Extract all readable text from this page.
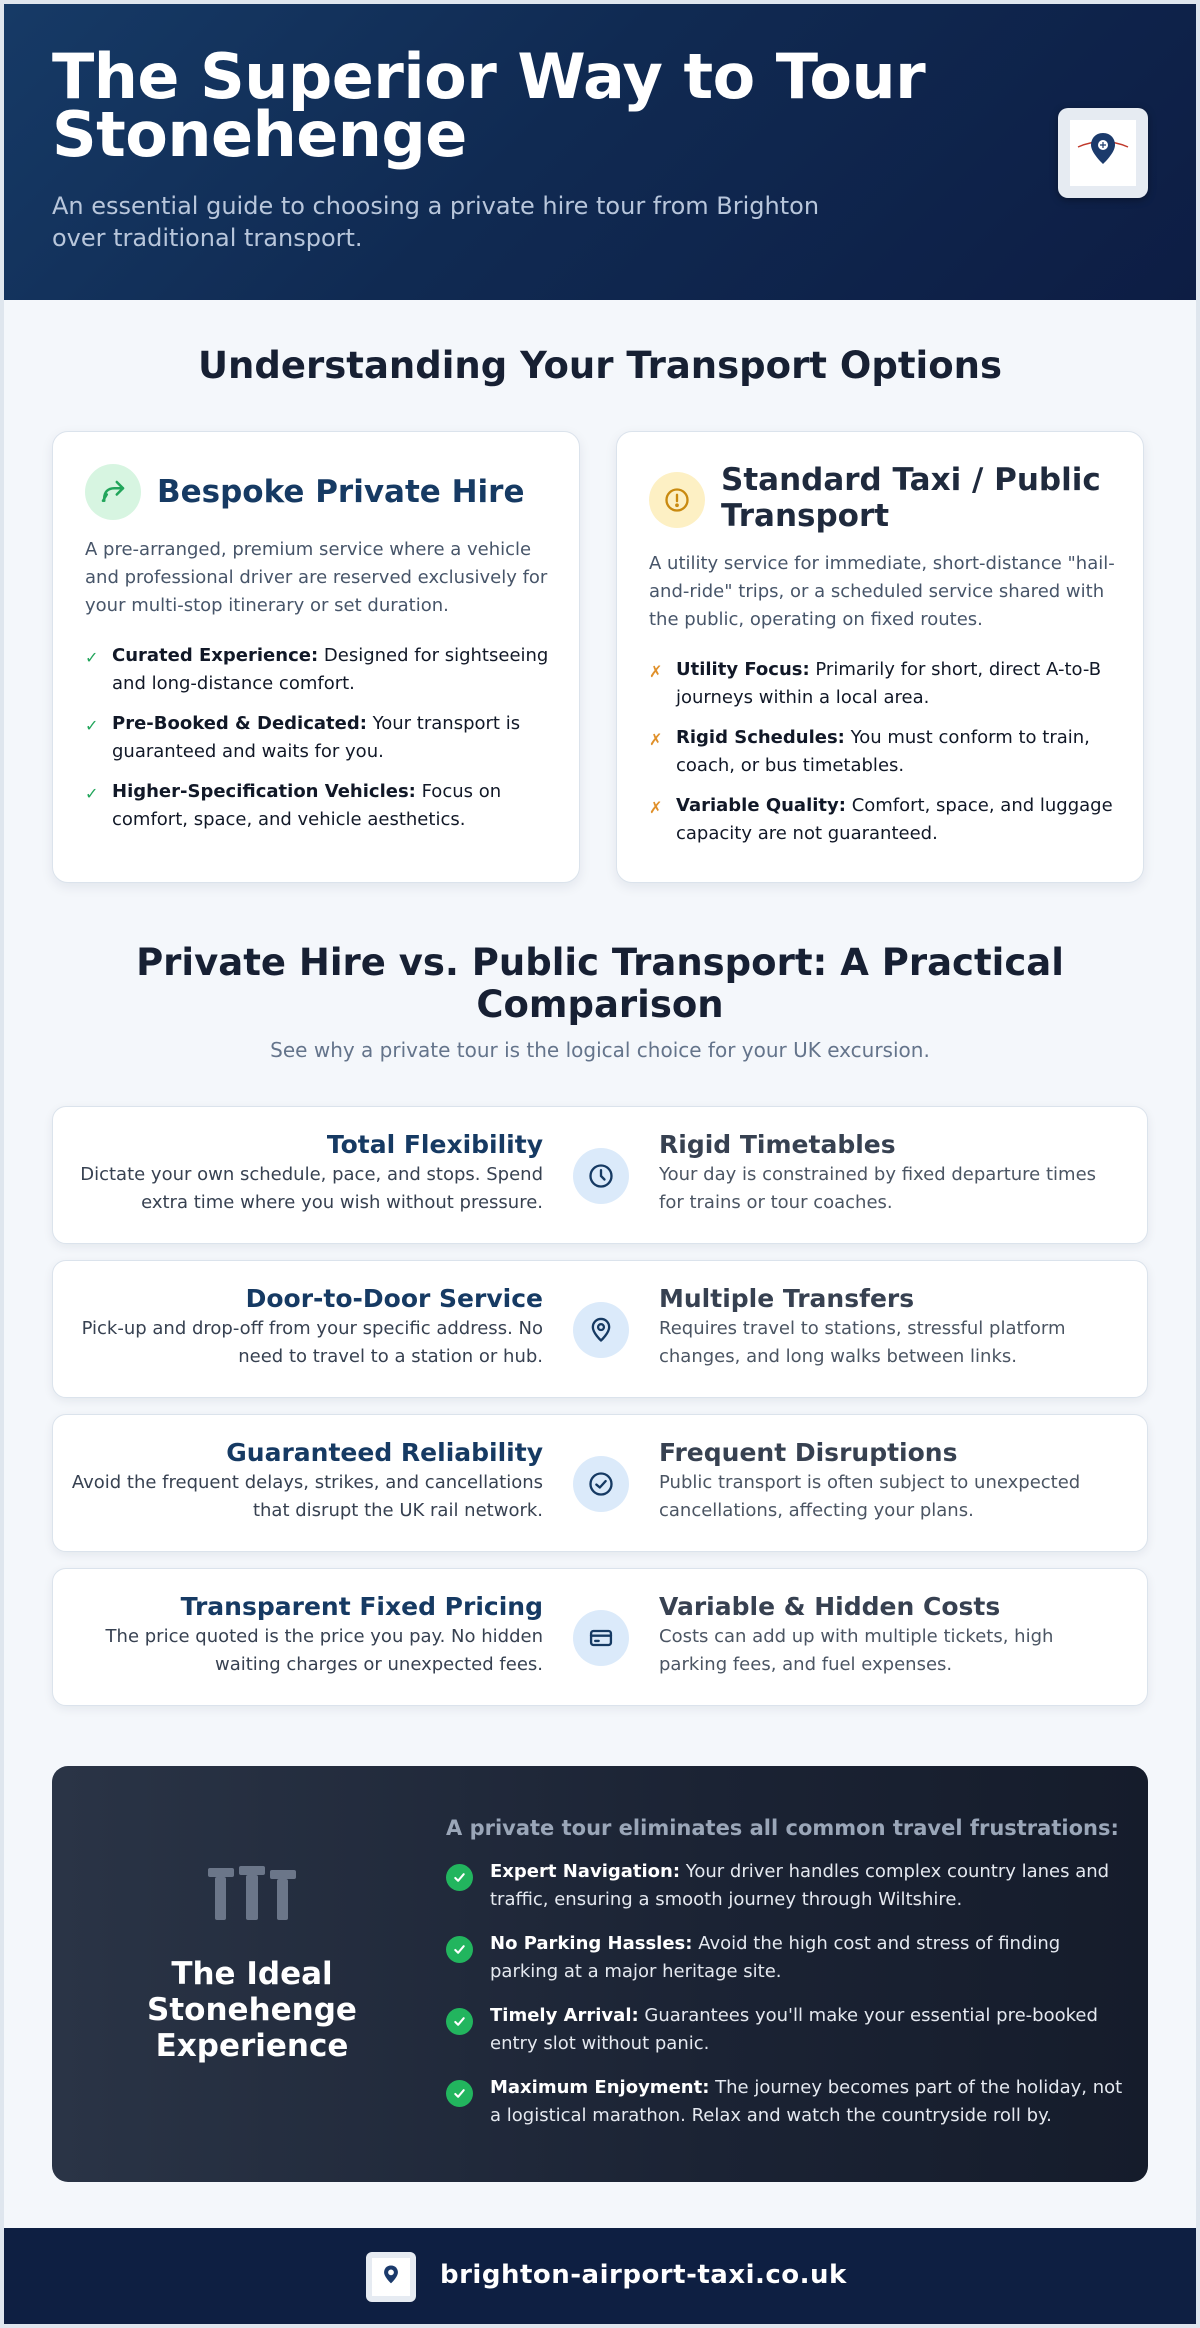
The Superior Way to Tour Stonehenge
An essential guide to choosing a private hire tour from Brighton over traditional transport.
Understanding Your Transport Options
Bespoke Private Hire
A pre-arranged, premium service where a vehicle and professional driver are reserved exclusively for your multi-stop itinerary or set duration.
✓ Curated Experience: Designed for sightseeing and long-distance comfort.
✓ Pre-Booked & Dedicated: Your transport is guaranteed and waits for you.
✓ Higher-Specification Vehicles: Focus on comfort, space, and vehicle aesthetics.
Standard Taxi / Public Transport
A utility service for immediate, short-distance "hail-and-ride" trips, or a scheduled service shared with the public, operating on fixed routes.
✗ Utility Focus: Primarily for short, direct A-to-B journeys within a local area.
✗ Rigid Schedules: You must conform to train, coach, or bus timetables.
✗ Variable Quality: Comfort, space, and luggage capacity are not guaranteed.
Private Hire vs. Public Transport: A Practical Comparison
See why a private tour is the logical choice for your UK excursion.
Total Flexibility
Dictate your own schedule, pace, and stops. Spend extra time where you wish without pressure.
Rigid Timetables
Your day is constrained by fixed departure times for trains or tour coaches.
Door-to-Door Service
Pick-up and drop-off from your specific address. No need to travel to a station or hub.
Multiple Transfers
Requires travel to stations, stressful platform changes, and long walks between links.
Guaranteed Reliability
Avoid the frequent delays, strikes, and cancellations that disrupt the UK rail network.
Frequent Disruptions
Public transport is often subject to unexpected cancellations, affecting your plans.
Transparent Fixed Pricing
The price quoted is the price you pay. No hidden waiting charges or unexpected fees.
Variable & Hidden Costs
Costs can add up with multiple tickets, high parking fees, and fuel expenses.
The Ideal Stonehenge Experience
A private tour eliminates all common travel frustrations:
Expert Navigation: Your driver handles complex country lanes and traffic, ensuring a smooth journey through Wiltshire.
No Parking Hassles: Avoid the high cost and stress of finding parking at a major heritage site.
Timely Arrival: Guarantees you'll make your essential pre-booked entry slot without panic.
Maximum Enjoyment: The journey becomes part of the holiday, not a logistical marathon. Relax and watch the countryside roll by.
brighton-airport-taxi.co.uk
